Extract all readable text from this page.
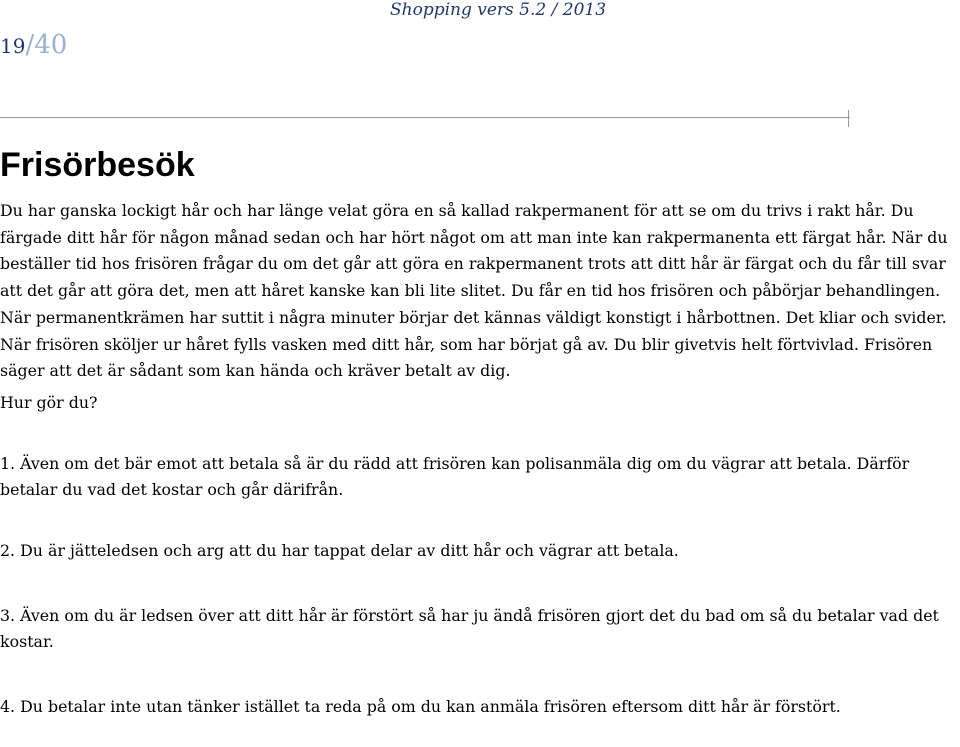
Shopping vers 5.2 / 2013
19/40
Frisörbesök

Du har ganska lockigt hår och har länge velat göra en så kallad rakpermanent för att se om du trivs i rakt hår. Du färgade ditt hår för någon månad sedan och har hört något om att man inte kan rakpermanenta ett färgat hår. När du beställer tid hos frisören frågar du om det går att göra en rakpermanent trots att ditt hår är färgat och du får till svar att det går att göra det, men att håret kanske kan bli lite slitet. Du får en tid hos frisören och påbörjar behandlingen. När permanentkrämen har suttit i några minuter börjar det kännas väldigt konstigt i hårbottnen. Det kliar och svider. När frisören sköljer ur håret fylls vasken med ditt hår, som har börjat gå av. Du blir givetvis helt förtvivlad. Frisören säger att det är sådant som kan hända och kräver betalt av dig.

Hur gör du?

1. Även om det bär emot att betala så är du rädd att frisören kan polisanmäla dig om du vägrar att betala. Därför betalar du vad det kostar och går därifrån.

2. Du är jätteledsen och arg att du har tappat delar av ditt hår och vägrar att betala.

3. Även om du är ledsen över att ditt hår är förstört så har ju ändå frisören gjort det du bad om så du betalar vad det kostar.

4. Du betalar inte utan tänker istället ta reda på om du kan anmäla frisören eftersom ditt hår är förstört.
